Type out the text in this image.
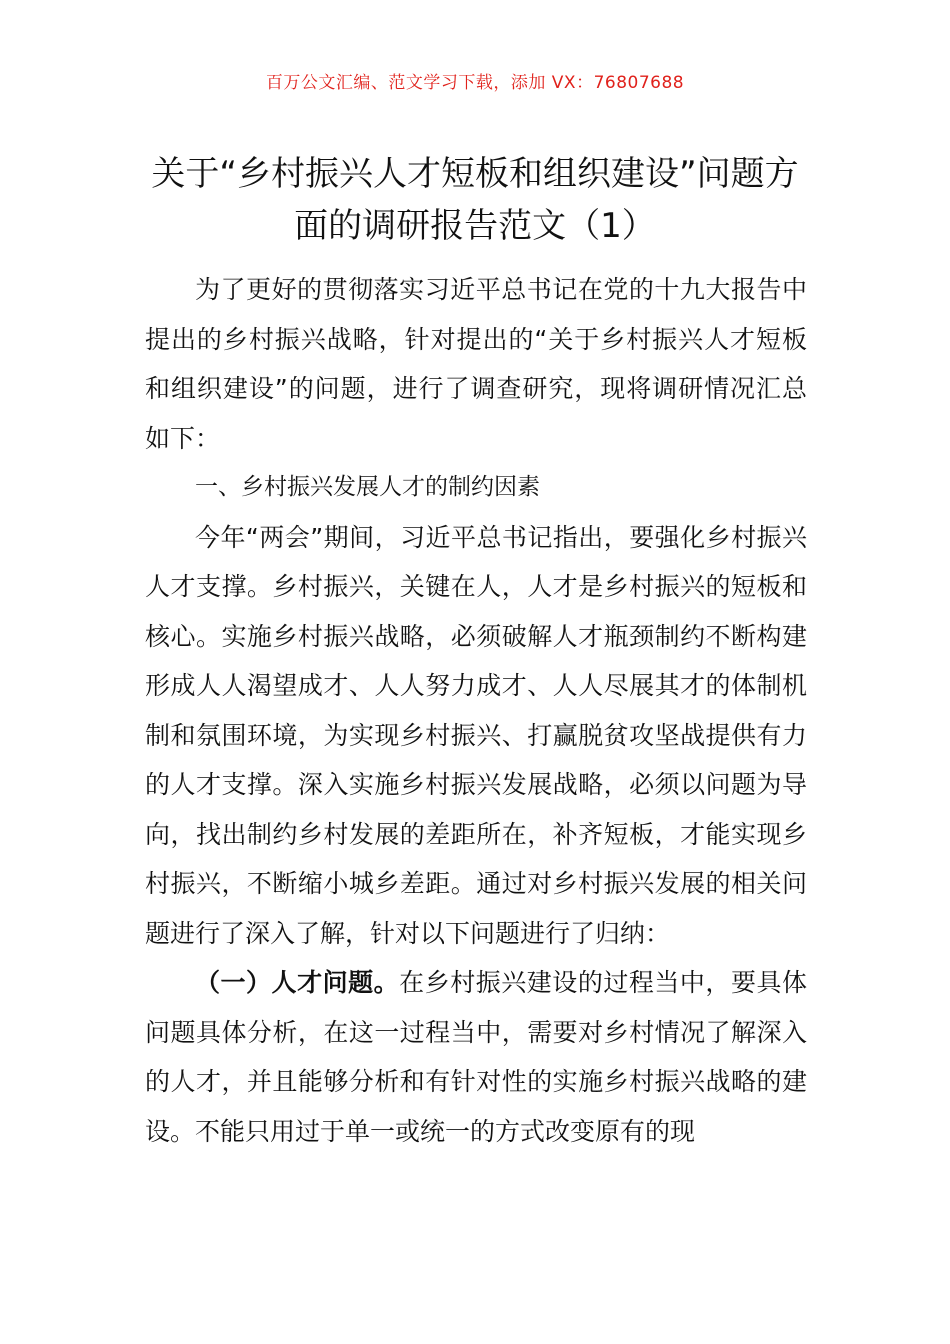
百万公文汇编、范文学习下载，添加 VX：76807688
关于“乡村振兴人才短板和组织建设”问题方面的调研报告范文（1）

为了更好的贯彻落实习近平总书记在党的十九大报告中提出的乡村振兴战略，针对提出的“关于乡村振兴人才短板和组织建设”的问题，进行了调查研究，现将调研情况汇总如下：

一、乡村振兴发展人才的制约因素

今年“两会”期间，习近平总书记指出，要强化乡村振兴人才支撑。乡村振兴，关键在人，人才是乡村振兴的短板和核心。实施乡村振兴战略，必须破解人才瓶颈制约不断构建形成人人渴望成才、人人努力成才、人人尽展其才的体制机制和氛围环境，为实现乡村振兴、打赢脱贫攻坚战提供有力的人才支撑。深入实施乡村振兴发展战略，必须以问题为导向，找出制约乡村发展的差距所在，补齐短板，才能实现乡村振兴，不断缩小城乡差距。通过对乡村振兴发展的相关问题进行了深入了解，针对以下问题进行了归纳：

（一）人才问题。在乡村振兴建设的过程当中，要具体问题具体分析，在这一过程当中，需要对乡村情况了解深入的人才，并且能够分析和有针对性的实施乡村振兴战略的建设。不能只用过于单一或统一的方式改变原有的现
